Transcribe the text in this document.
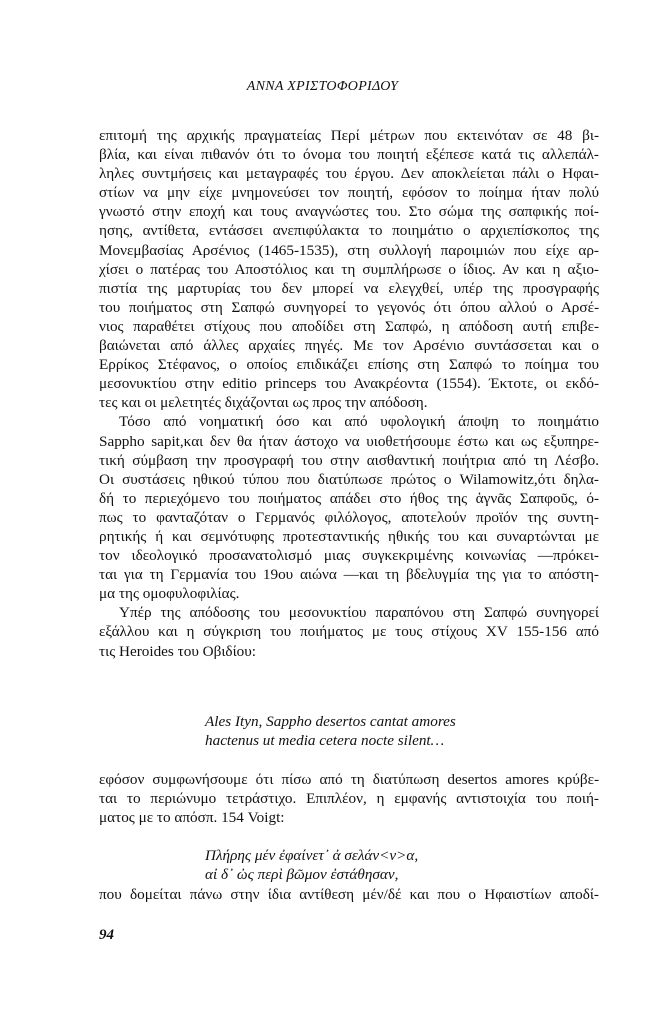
ΑΝΝΑ ΧΡΙΣΤΟΦΟΡΙΔΟΥ
επιτομή της αρχικής πραγματείας Περί μέτρων που εκτεινόταν σε 48 βι-
βλία, και είναι πιθανόν ότι το όνομα του ποιητή εξέπεσε κατά τις αλλεπάλ-
ληλες συντμήσεις και μεταγραφές του έργου. Δεν αποκλείεται πάλι ο Ηφαι-
στίων να μην είχε μνημονεύσει τον ποιητή, εφόσον το ποίημα ήταν πολύ
γνωστό στην εποχή και τους αναγνώστες του. Στο σώμα της σαπφικής ποί-
ησης, αντίθετα, εντάσσει ανεπιφύλακτα το ποιημάτιο ο αρχιεπίσκοπος της
Μονεμβασίας Αρσένιος (1465-1535), στη συλλογή παροιμιών που είχε αρ-
χίσει ο πατέρας του Αποστόλιος και τη συμπλήρωσε ο ίδιος. Αν και η αξιο-
πιστία της μαρτυρίας του δεν μπορεί να ελεγχθεί, υπέρ της προσγραφής
του ποιήματος στη Σαπφώ συνηγορεί το γεγονός ότι όπου αλλού ο Αρσέ-
νιος παραθέτει στίχους που αποδίδει στη Σαπφώ, η απόδοση αυτή επιβε-
βαιώνεται από άλλες αρχαίες πηγές. Με τον Αρσένιο συντάσσεται και ο
Ερρίκος Στέφανος, ο οποίος επιδικάζει επίσης στη Σαπφώ το ποίημα του
μεσονυκτίου στην editio princeps του Ανακρέοντα (1554). Έκτοτε, οι εκδό-
τες και οι μελετητές διχάζονται ως προς την απόδοση.
Τόσο από νοηματική όσο και από υφολογική άποψη το ποιημάτιο
Sappho sapit,και δεν θα ήταν άστοχο να υιοθετήσουμε έστω και ως εξυπηρε-
τική σύμβαση την προσγραφή του στην αισθαντική ποιήτρια από τη Λέσβο.
Οι συστάσεις ηθικού τύπου που διατύπωσε πρώτος ο Wilamowitz,ότι δηλα-
δή το περιεχόμενο του ποιήματος απάδει στο ήθος της ἁγνᾶς Σαπφοῦς, ό-
πως το φανταζόταν ο Γερμανός φιλόλογος, αποτελούν προϊόν της συντη-
ρητικής ή και σεμνότυφης προτεσταντικής ηθικής του και συναρτώνται με
τον ιδεολογικό προσανατολισμό μιας συγκεκριμένης κοινωνίας —πρόκει-
ται για τη Γερμανία του 19ου αιώνα —και τη βδελυγμία της για το απόστη-
μα της ομοφυλοφιλίας.
Υπέρ της απόδοσης του μεσονυκτίου παραπόνου στη Σαπφώ συνηγορεί
εξάλλου και η σύγκριση του ποιήματος με τους στίχους XV 155-156 από
τις Heroides του Οβιδίου:
Ales Ityn, Sappho desertos cantat amores
hactenus ut media cetera nocte silent…
εφόσον συμφωνήσουμε ότι πίσω από τη διατύπωση desertos amores κρύβε-
ται το περιώνυμο τετράστιχο. Επιπλέον, η εμφανής αντιστοιχία του ποιή-
ματος με το απόσπ. 154 Voigt:
Πλήρης μέν ἐφαίνετ᾽ ἀ σελάν<ν>α,
αἰ δ᾽ ὠς περὶ βῶμον ἐστάθησαν,
που δομείται πάνω στην ίδια αντίθεση μέν/δέ και που ο Ηφαιστίων αποδί-
94
